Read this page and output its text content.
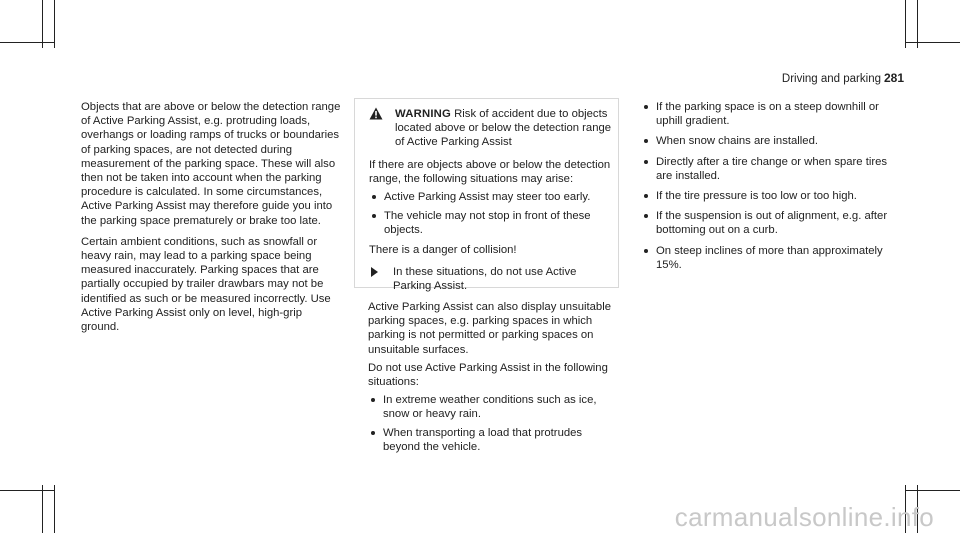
Driving and parking 281

Objects that are above or below the detection range of Active Parking Assist, e.g. protruding loads, overhangs or loading ramps of trucks or boundaries of parking spaces, are not detected during measurement of the parking space. These will also then not be taken into account when the parking procedure is calculated. In some circumstances, Active Parking Assist may therefore guide you into the parking space prematurely or brake too late.

Certain ambient conditions, such as snowfall or heavy rain, may lead to a parking space being measured inaccurately. Parking spaces that are partially occupied by trailer drawbars may not be identified as such or be measured incorrectly. Use Active Parking Assist only on level, high-grip ground.

WARNING Risk of accident due to objects located above or below the detection range of Active Parking Assist

If there are objects above or below the detection range, the following situations may arise:

Active Parking Assist may steer too early.
The vehicle may not stop in front of these objects.

There is a danger of collision!

In these situations, do not use Active Parking Assist.

Active Parking Assist can also display unsuitable parking spaces, e.g. parking spaces in which parking is not permitted or parking spaces on unsuitable surfaces.

Do not use Active Parking Assist in the following situations:

In extreme weather conditions such as ice, snow or heavy rain.
When transporting a load that protrudes beyond the vehicle.
If the parking space is on a steep downhill or uphill gradient.
When snow chains are installed.
Directly after a tire change or when spare tires are installed.
If the tire pressure is too low or too high.
If the suspension is out of alignment, e.g. after bottoming out on a curb.
On steep inclines of more than approximately 15%.
carmanualsonline.info
